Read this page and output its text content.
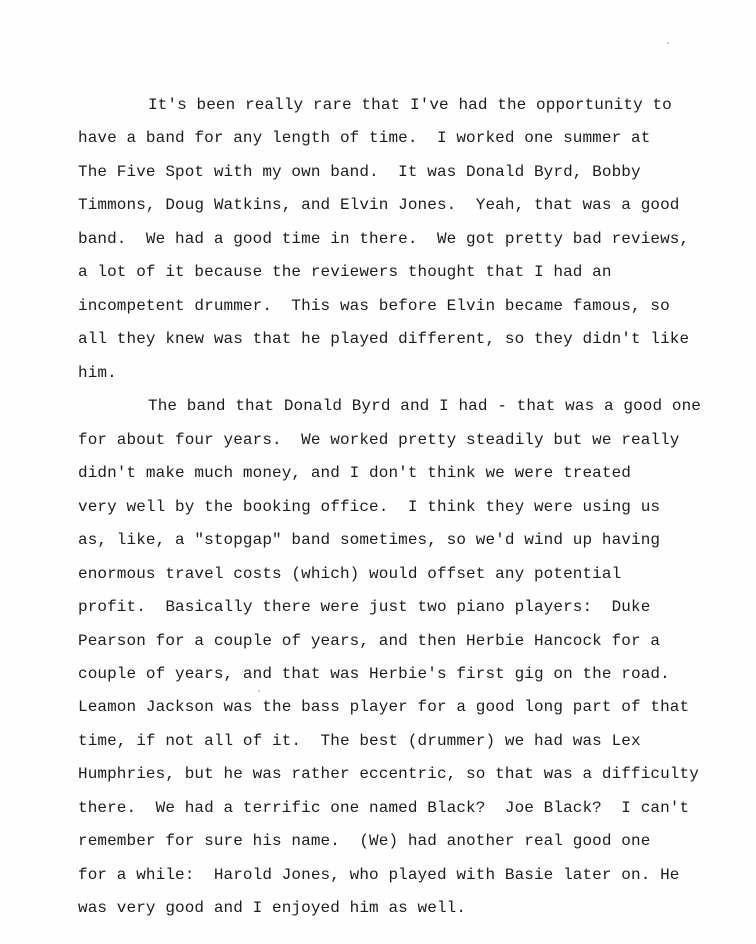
It's been really rare that I've had the opportunity to
have a band for any length of time.  I worked one summer at
The Five Spot with my own band.  It was Donald Byrd, Bobby
Timmons, Doug Watkins, and Elvin Jones.  Yeah, that was a good
band.  We had a good time in there.  We got pretty bad reviews,
a lot of it because the reviewers thought that I had an
incompetent drummer.  This was before Elvin became famous, so
all they knew was that he played different, so they didn't like
him.
The band that Donald Byrd and I had - that was a good one
for about four years.  We worked pretty steadily but we really
didn't make much money, and I don't think we were treated
very well by the booking office.  I think they were using us
as, like, a "stopgap" band sometimes, so we'd wind up having
enormous travel costs (which) would offset any potential
profit.  Basically there were just two piano players:  Duke
Pearson for a couple of years, and then Herbie Hancock for a
couple of years, and that was Herbie's first gig on the road.
Leamon Jackson was the bass player for a good long part of that
time, if not all of it.  The best (drummer) we had was Lex
Humphries, but he was rather eccentric, so that was a difficulty
there.  We had a terrific one named Black?  Joe Black?  I can't
remember for sure his name.  (We) had another real good one
for a while:  Harold Jones, who played with Basie later on. He
was very good and I enjoyed him as well.
